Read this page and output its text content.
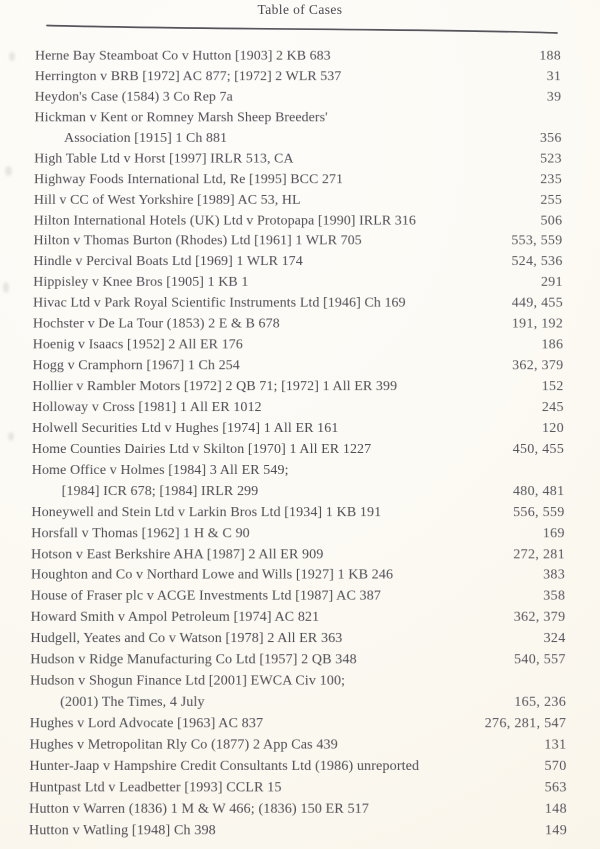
Table of Cases
Herne Bay Steamboat Co v Hutton [1903] 2 KB 683	188
Herrington v BRB [1972] AC 877; [1972] 2 WLR 537	31
Heydon's Case (1584) 3 Co Rep 7a	39
Hickman v Kent or Romney Marsh Sheep Breeders'
Association [1915] 1 Ch 881	356
High Table Ltd v Horst [1997] IRLR 513, CA	523
Highway Foods International Ltd, Re [1995] BCC 271	235
Hill v CC of West Yorkshire [1989] AC 53, HL	255
Hilton International Hotels (UK) Ltd v Protopapa [1990] IRLR 316	506
Hilton v Thomas Burton (Rhodes) Ltd [1961] 1 WLR 705	553, 559
Hindle v Percival Boats Ltd [1969] 1 WLR 174	524, 536
Hippisley v Knee Bros [1905] 1 KB 1	291
Hivac Ltd v Park Royal Scientific Instruments Ltd [1946] Ch 169	449, 455
Hochster v De La Tour (1853) 2 E & B 678	191, 192
Hoenig v Isaacs [1952] 2 All ER 176	186
Hogg v Cramphorn [1967] 1 Ch 254	362, 379
Hollier v Rambler Motors [1972] 2 QB 71; [1972] 1 All ER 399	152
Holloway v Cross [1981] 1 All ER 1012	245
Holwell Securities Ltd v Hughes [1974] 1 All ER 161	120
Home Counties Dairies Ltd v Skilton [1970] 1 All ER 1227	450, 455
Home Office v Holmes [1984] 3 All ER 549;
[1984] ICR 678; [1984] IRLR 299	480, 481
Honeywell and Stein Ltd v Larkin Bros Ltd [1934] 1 KB 191	556, 559
Horsfall v Thomas [1962] 1 H & C 90	169
Hotson v East Berkshire AHA [1987] 2 All ER 909	272, 281
Houghton and Co v Northard Lowe and Wills [1927] 1 KB 246	383
House of Fraser plc v ACGE Investments Ltd [1987] AC 387	358
Howard Smith v Ampol Petroleum [1974] AC 821	362, 379
Hudgell, Yeates and Co v Watson [1978] 2 All ER 363	324
Hudson v Ridge Manufacturing Co Ltd [1957] 2 QB 348	540, 557
Hudson v Shogun Finance Ltd [2001] EWCA Civ 100;
(2001) The Times, 4 July	165, 236
Hughes v Lord Advocate [1963] AC 837	276, 281, 547
Hughes v Metropolitan Rly Co (1877) 2 App Cas 439	131
Hunter-Jaap v Hampshire Credit Consultants Ltd (1986) unreported	570
Huntpast Ltd v Leadbetter [1993] CCLR 15	563
Hutton v Warren (1836) 1 M & W 466; (1836) 150 ER 517	148
Hutton v Watling [1948] Ch 398	149
